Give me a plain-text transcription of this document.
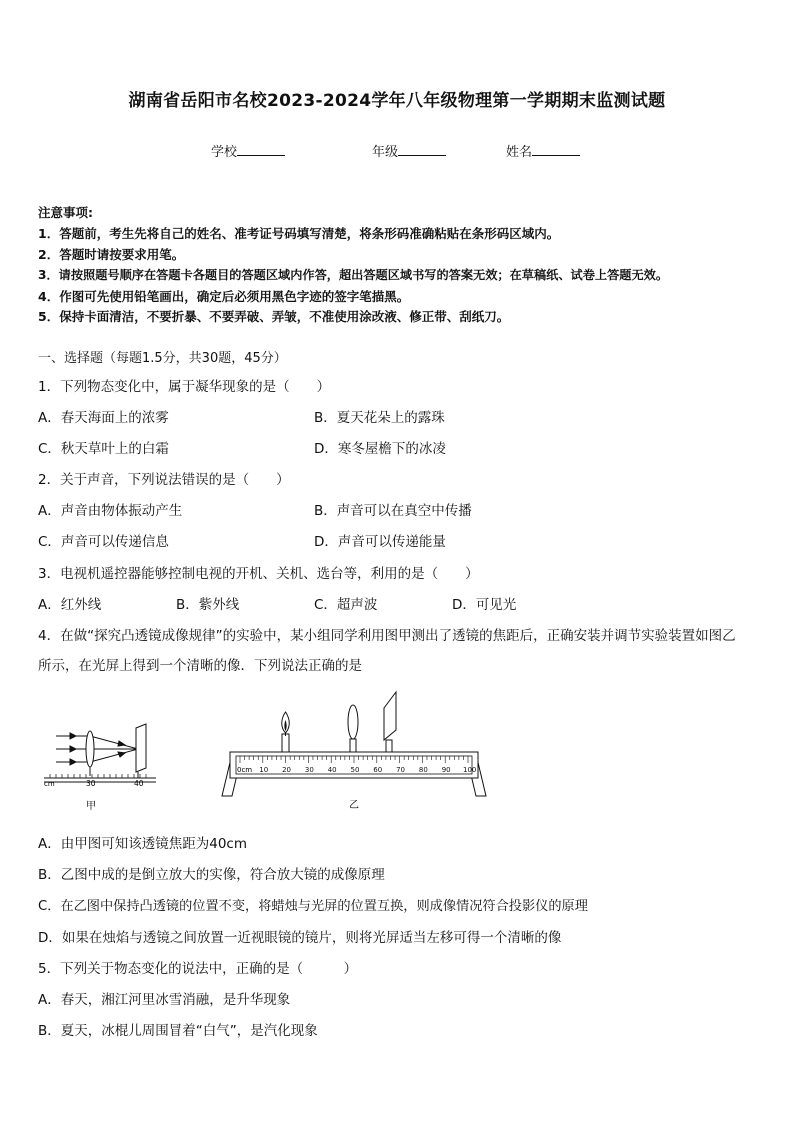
湖南省岳阳市名校2023-2024学年八年级物理第一学期期末监测试题
学校	年级	姓名
注意事项:
1．答题前，考生先将自己的姓名、准考证号码填写清楚，将条形码准确粘贴在条形码区域内。
2．答题时请按要求用笔。
3．请按照题号顺序在答题卡各题目的答题区域内作答，超出答题区域书写的答案无效；在草稿纸、试卷上答题无效。
4．作图可先使用铅笔画出，确定后必须用黑色字迹的签字笔描黑。
5．保持卡面清洁，不要折暴、不要弄破、弄皱，不准使用涂改液、修正带、刮纸刀。
一、选择题（每题1.5分，共30题，45分）
1．下列物态变化中，属于凝华现象的是（　　）
A．春天海面上的浓雾	B．夏天花朵上的露珠
C．秋天草叶上的白霜	D．寒冬屋檐下的冰凌
2．关于声音，下列说法错误的是（　　）
A．声音由物体振动产生	B．声音可以在真空中传播
C．声音可以传递信息	D．声音可以传递能量
3．电视机遥控器能够控制电视的开机、关机、选台等，利用的是（　　）
A．红外线	B．紫外线	C．超声波	D．可见光
4．在做“探究凸透镜成像规律”的实验中，某小组同学利用图甲测出了透镜的焦距后，正确安装并调节实验装置如图乙
所示，在光屏上得到一个清晰的像．下列说法正确的是
cm	30	40
甲
0cm 10 20 30 40 50 60 70 80 90 100
乙
A．由甲图可知该透镜焦距为40cm
B．乙图中成的是倒立放大的实像，符合放大镜的成像原理
C．在乙图中保持凸透镜的位置不变，将蜡烛与光屏的位置互换，则成像情况符合投影仪的原理
D．如果在烛焰与透镜之间放置一近视眼镜的镜片，则将光屏适当左移可得一个清晰的像
5．下列关于物态变化的说法中，正确的是（　　　）
A．春天，湘江河里冰雪消融，是升华现象
B．夏天，冰棍儿周围冒着“白气”，是汽化现象
